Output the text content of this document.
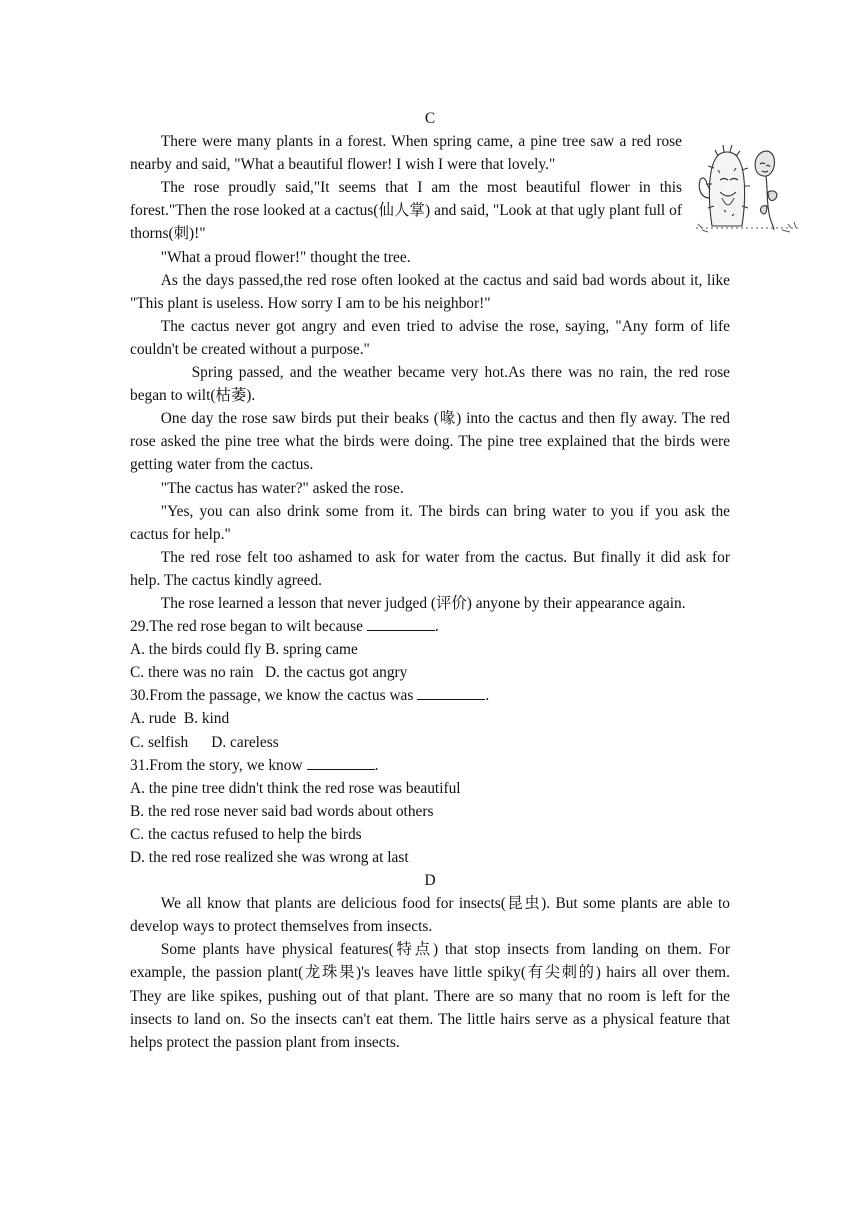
C

There were many plants in a forest. When spring came, a pine tree saw a red rose nearby and said, "What a beautiful flower! I wish I were that lovely."

The rose proudly said,"It seems that I am the most beautiful flower in this forest."Then the rose looked at a cactus(仙人掌) and said, "Look at that ugly plant full of thorns(刺)!"

"What a proud flower!" thought the tree.

As the days passed,the red rose often looked at the cactus and said bad words about it, like "This plant is useless. How sorry I am to be his neighbor!"

The cactus never got angry and even tried to advise the rose, saying, "Any form of life couldn't be created without a purpose."

Spring passed, and the weather became very hot.As there was no rain, the red rose began to wilt(枯萎).

One day the rose saw birds put their beaks (喙) into the cactus and then fly away. The red rose asked the pine tree what the birds were doing. The pine tree explained that the birds were getting water from the cactus.

"The cactus has water?" asked the rose.

"Yes, you can also drink some from it. The birds can bring water to you if you ask the cactus for help."

The red rose felt too ashamed to ask for water from the cactus. But finally it did ask for help. The cactus kindly agreed.

The rose learned a lesson that never judged (评价) anyone by their appearance again.

29.The red rose began to wilt because	.

A. the birds could fly B. spring came

C. there was no rain   D. the cactus got angry

30.From the passage, we know the cactus was	.

A. rude  B. kind

C. selfish      D. careless

31.From the story, we know	.

A. the pine tree didn't think the red rose was beautiful

B. the red rose never said bad words about others

C. the cactus refused to help the birds

D. the red rose realized she was wrong at last

D

We all know that plants are delicious food for insects(昆虫). But some plants are able to develop ways to protect themselves from insects.

Some plants have physical features(特点) that stop insects from landing on them. For example, the passion plant(龙珠果)'s leaves have little spiky(有尖刺的) hairs all over them. They are like spikes, pushing out of that plant. There are so many that no room is left for the insects to land on. So the insects can't eat them. The little hairs serve as a physical feature that helps protect the passion plant from insects.
